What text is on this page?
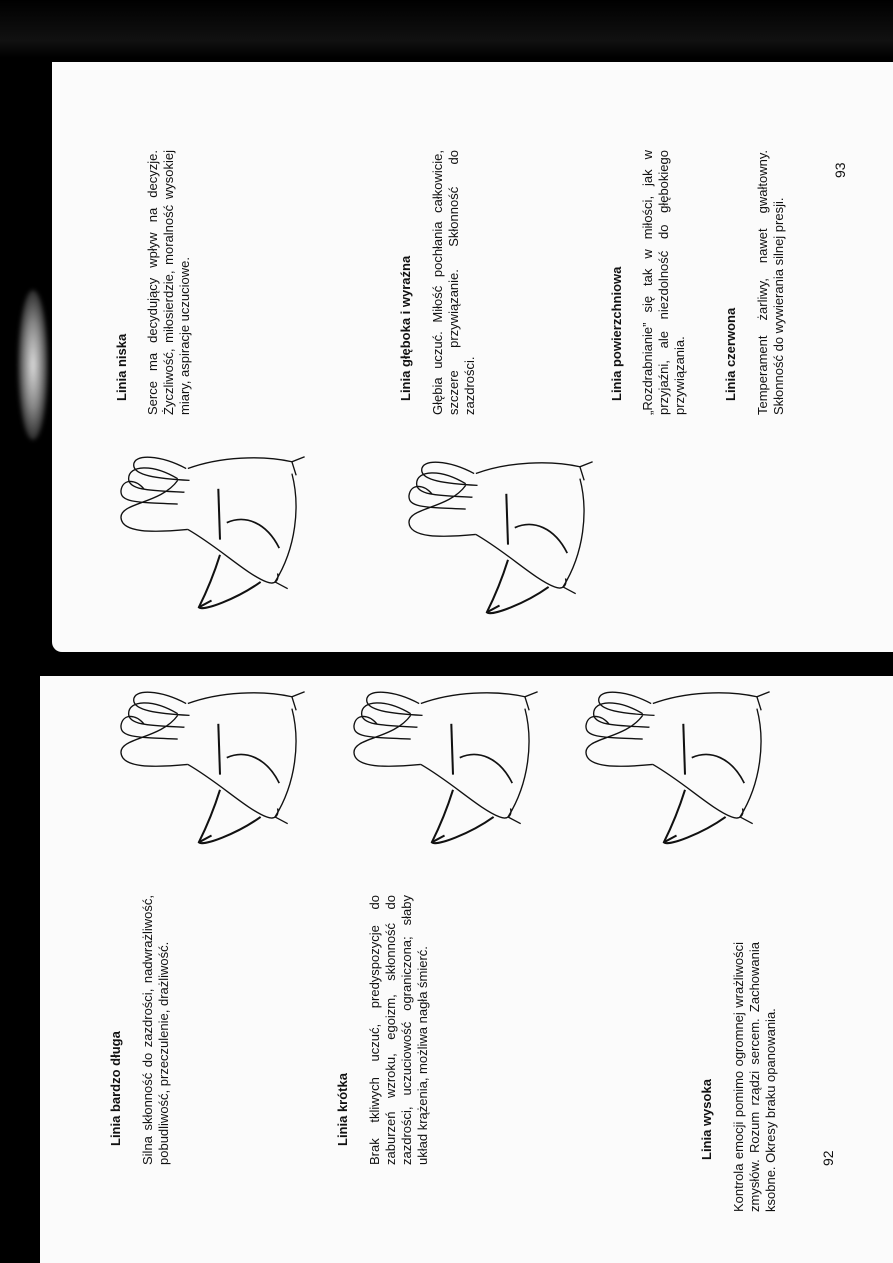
Linia niska Serce ma decydujący wpływ na decyzje. Życzliwość, miłosierdzie, moralność wysokiej miary, aspiracje uczuciowe.	Linia głęboka i wyraźna Głębia uczuć. Miłość pochłania całkowicie, szczere przywiązanie. Skłonność do zazdrości.	Linia powierzchniowa „Rozdrabnianie” się tak w miłości, jak w przyjaźni, ale niezdolność do głębokiego przywiązania.	Linia czerwona Temperament żarliwy, nawet gwałtowny. Skłonność do wywierania silnej presji.
93
Linia bardzo długa Silna skłonność do zazdrości, nadwrażliwość, pobudliwość, przeczulenie, drażliwość.	Linia krótka Brak tkliwych uczuć, predyspozycje do zaburzeń wzroku, egoizm, skłonność do zazdrości, uczuciowość ograniczona; słaby układ krążenia, możliwa nagła śmierć.	Linia wysoka Kontrola emocji pomimo ogromnej wrażliwości zmysłów. Rozum rządzi sercem. Zachowania ksobne. Okresy braku opanowania.	92
